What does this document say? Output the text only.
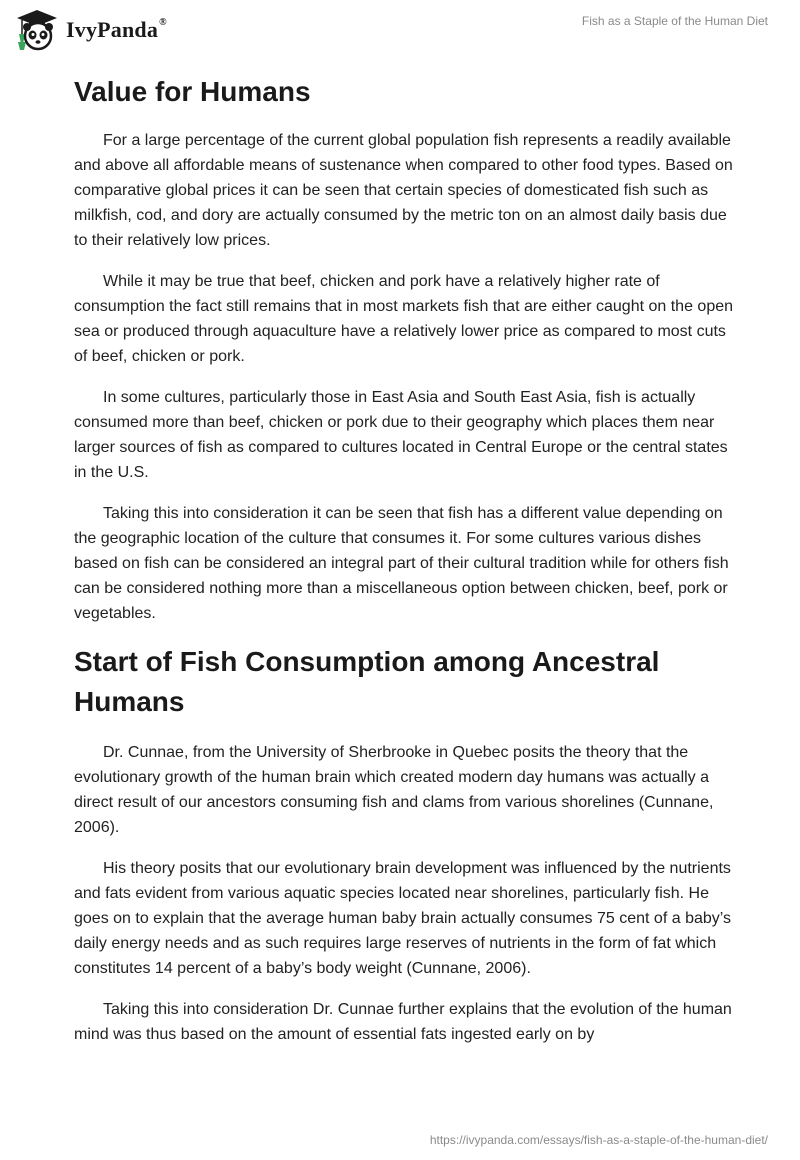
IvyPanda®	Fish as a Staple of the Human Diet
Value for Humans

For a large percentage of the current global population fish represents a readily available and above all affordable means of sustenance when compared to other food types. Based on comparative global prices it can be seen that certain species of domesticated fish such as milkfish, cod, and dory are actually consumed by the metric ton on an almost daily basis due to their relatively low prices.

While it may be true that beef, chicken and pork have a relatively higher rate of consumption the fact still remains that in most markets fish that are either caught on the open sea or produced through aquaculture have a relatively lower price as compared to most cuts of beef, chicken or pork.

In some cultures, particularly those in East Asia and South East Asia, fish is actually consumed more than beef, chicken or pork due to their geography which places them near larger sources of fish as compared to cultures located in Central Europe or the central states in the U.S.

Taking this into consideration it can be seen that fish has a different value depending on the geographic location of the culture that consumes it. For some cultures various dishes based on fish can be considered an integral part of their cultural tradition while for others fish can be considered nothing more than a miscellaneous option between chicken, beef, pork or vegetables.

Start of Fish Consumption among Ancestral Humans

Dr. Cunnae, from the University of Sherbrooke in Quebec posits the theory that the evolutionary growth of the human brain which created modern day humans was actually a direct result of our ancestors consuming fish and clams from various shorelines (Cunnane, 2006).

His theory posits that our evolutionary brain development was influenced by the nutrients and fats evident from various aquatic species located near shorelines, particularly fish. He goes on to explain that the average human baby brain actually consumes 75 cent of a baby’s daily energy needs and as such requires large reserves of nutrients in the form of fat which constitutes 14 percent of a baby’s body weight (Cunnane, 2006).

Taking this into consideration Dr. Cunnae further explains that the evolution of the human mind was thus based on the amount of essential fats ingested early on by

https://ivypanda.com/essays/fish-as-a-staple-of-the-human-diet/
